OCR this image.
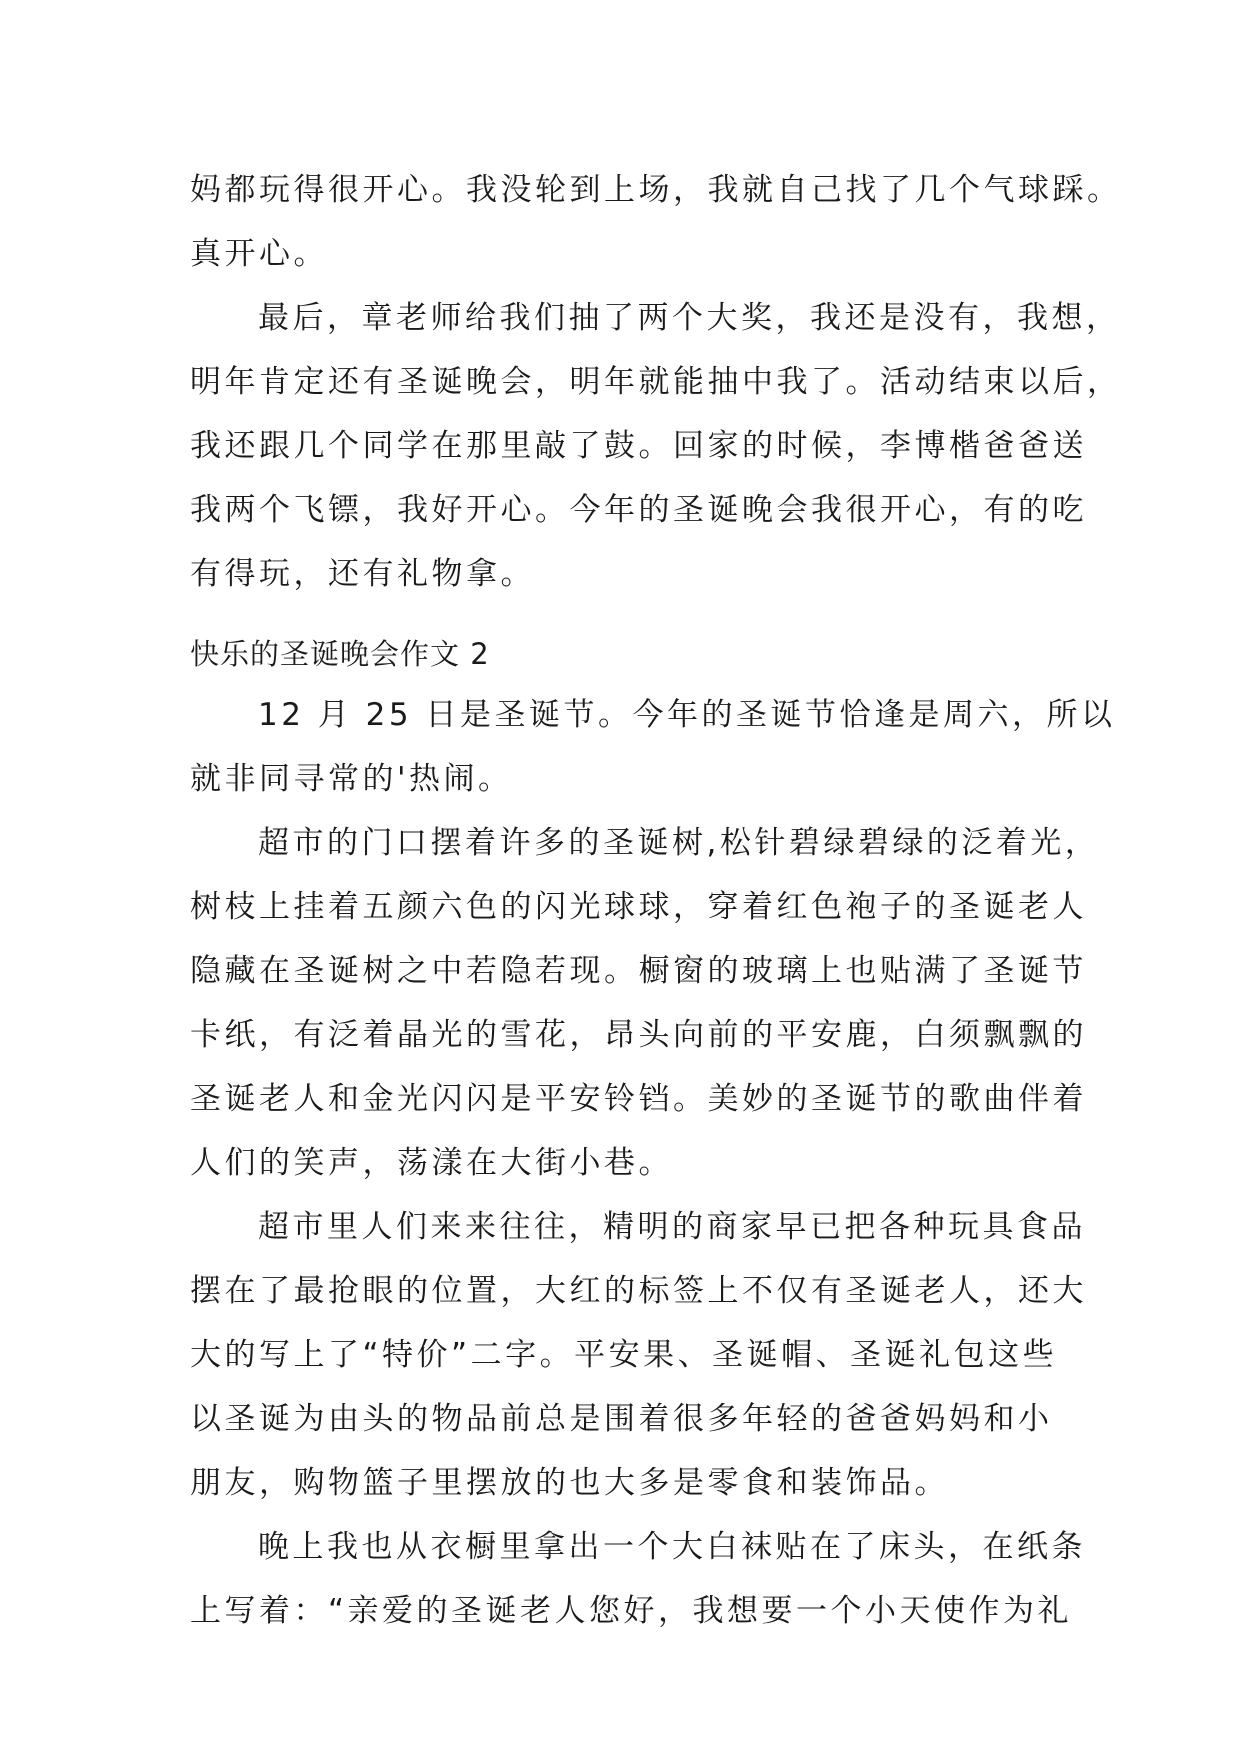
妈都玩得很开心。我没轮到上场，我就自己找了几个气球踩。
真开心。
最后，章老师给我们抽了两个大奖，我还是没有，我想，
明年肯定还有圣诞晚会，明年就能抽中我了。活动结束以后，
我还跟几个同学在那里敲了鼓。回家的时候，李博楷爸爸送
我两个飞镖，我好开心。今年的圣诞晚会我很开心，有的吃
有得玩，还有礼物拿。
快乐的圣诞晚会作文 2
12 月 25 日是圣诞节。今年的圣诞节恰逢是周六，所以
就非同寻常的'热闹。
超市的门口摆着许多的圣诞树,松针碧绿碧绿的泛着光，
树枝上挂着五颜六色的闪光球球，穿着红色袍子的圣诞老人
隐藏在圣诞树之中若隐若现。橱窗的玻璃上也贴满了圣诞节
卡纸，有泛着晶光的雪花，昂头向前的平安鹿，白须飘飘的
圣诞老人和金光闪闪是平安铃铛。美妙的圣诞节的歌曲伴着
人们的笑声，荡漾在大街小巷。
超市里人们来来往往，精明的商家早已把各种玩具食品
摆在了最抢眼的位置，大红的标签上不仅有圣诞老人，还大
大的写上了“特价”二字。平安果、圣诞帽、圣诞礼包这些
以圣诞为由头的物品前总是围着很多年轻的爸爸妈妈和小
朋友，购物篮子里摆放的也大多是零食和装饰品。
晚上我也从衣橱里拿出一个大白袜贴在了床头，在纸条
上写着：“亲爱的圣诞老人您好，我想要一个小天使作为礼
